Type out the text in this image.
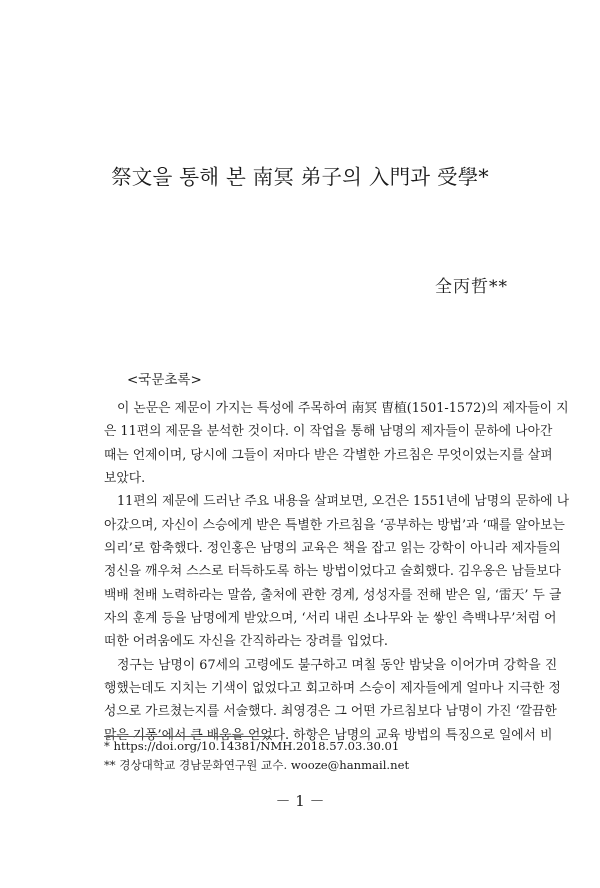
祭文을 통해 본 南冥 弟子의 入門과 受學*
全丙哲**
<국문초록>
이 논문은 제문이 가지는 특성에 주목하여 南冥 曺植(1501-1572)의 제자들이 지
은 11편의 제문을 분석한 것이다. 이 작업을 통해 남명의 제자들이 문하에 나아간
때는 언제이며, 당시에 그들이 저마다 받은 각별한 가르침은 무엇이었는지를 살펴
보았다.
11편의 제문에 드러난 주요 내용을 살펴보면, 오건은 1551년에 남명의 문하에 나
아갔으며, 자신이 스승에게 받은 특별한 가르침을 ‘공부하는 방법’과 ‘때를 알아보는
의리’로 함축했다. 정인홍은 남명의 교육은 책을 잡고 읽는 강학이 아니라 제자들의
정신을 깨우쳐 스스로 터득하도록 하는 방법이었다고 술회했다. 김우옹은 남들보다
백배 천배 노력하라는 말씀, 출처에 관한 경계, 성성자를 전해 받은 일, ‘雷天’ 두 글
자의 훈계 등을 남명에게 받았으며, ‘서리 내린 소나무와 눈 쌓인 측백나무’처럼 어
떠한 어려움에도 자신을 간직하라는 장려를 입었다.
정구는 남명이 67세의 고령에도 불구하고 며칠 동안 밤낮을 이어가며 강학을 진
행했는데도 지치는 기색이 없었다고 회고하며 스승이 제자들에게 얼마나 지극한 정
성으로 가르쳤는지를 서술했다. 최영경은 그 어떤 가르침보다 남명이 가진 ‘깔끔한
맑은 기풍’에서 큰 배움을 얻었다. 하항은 남명의 교육 방법의 특징으로 일에서 비
* https://doi.org/10.14381/NMH.2018.57.03.30.01
** 경상대학교 경남문화연구원 교수. wooze@hanmail.net
－ 1 －
